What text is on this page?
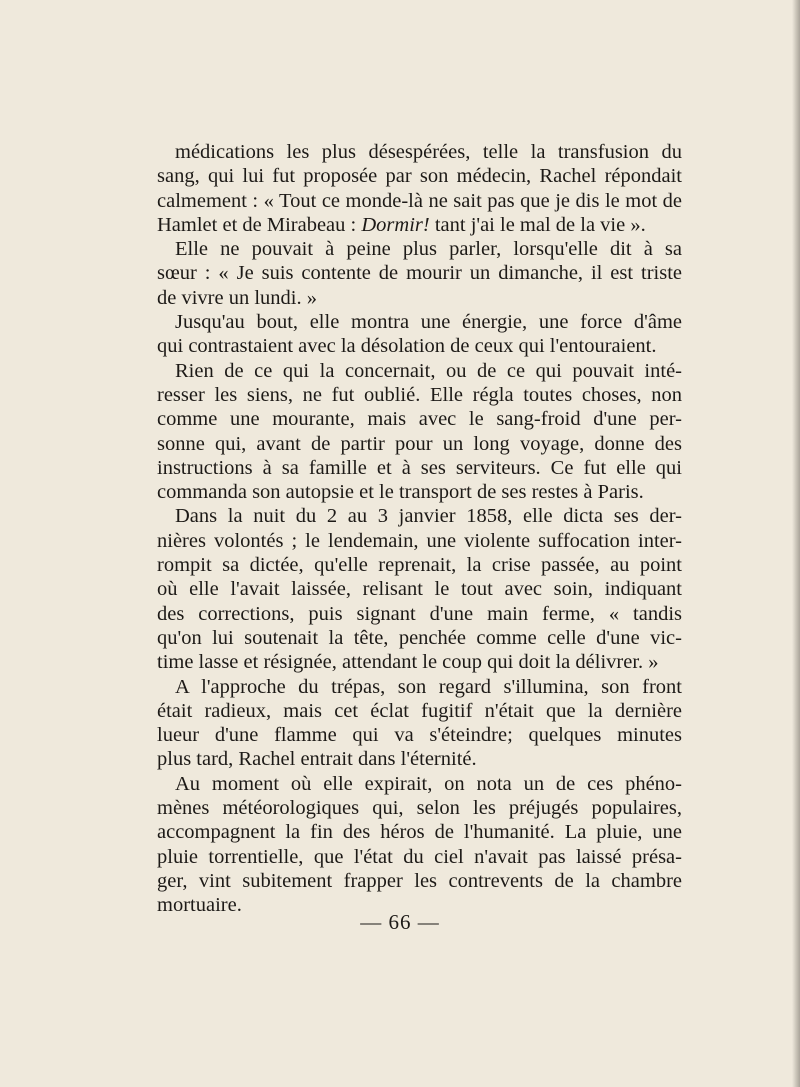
médications les plus désespérées, telle la transfusion du
sang, qui lui fut proposée par son médecin, Rachel répondait
calmement : « Tout ce monde-là ne sait pas que je dis le mot de
Hamlet et de Mirabeau : Dormir! tant j'ai le mal de la vie ».
Elle ne pouvait à peine plus parler, lorsqu'elle dit à sa
sœur : « Je suis contente de mourir un dimanche, il est triste
de vivre un lundi. »
Jusqu'au bout, elle montra une énergie, une force d'âme
qui contrastaient avec la désolation de ceux qui l'entouraient.
Rien de ce qui la concernait, ou de ce qui pouvait inté-
resser les siens, ne fut oublié. Elle régla toutes choses, non
comme une mourante, mais avec le sang-froid d'une per-
sonne qui, avant de partir pour un long voyage, donne des
instructions à sa famille et à ses serviteurs. Ce fut elle qui
commanda son autopsie et le transport de ses restes à Paris.
Dans la nuit du 2 au 3 janvier 1858, elle dicta ses der-
nières volontés ; le lendemain, une violente suffocation inter-
rompit sa dictée, qu'elle reprenait, la crise passée, au point
où elle l'avait laissée, relisant le tout avec soin, indiquant
des corrections, puis signant d'une main ferme, « tandis
qu'on lui soutenait la tête, penchée comme celle d'une vic-
time lasse et résignée, attendant le coup qui doit la délivrer. »
A l'approche du trépas, son regard s'illumina, son front
était radieux, mais cet éclat fugitif n'était que la dernière
lueur d'une flamme qui va s'éteindre; quelques minutes
plus tard, Rachel entrait dans l'éternité.
Au moment où elle expirait, on nota un de ces phéno-
mènes météorologiques qui, selon les préjugés populaires,
accompagnent la fin des héros de l'humanité. La pluie, une
pluie torrentielle, que l'état du ciel n'avait pas laissé présa-
ger, vint subitement frapper les contrevents de la chambre
mortuaire.
— 66 —
